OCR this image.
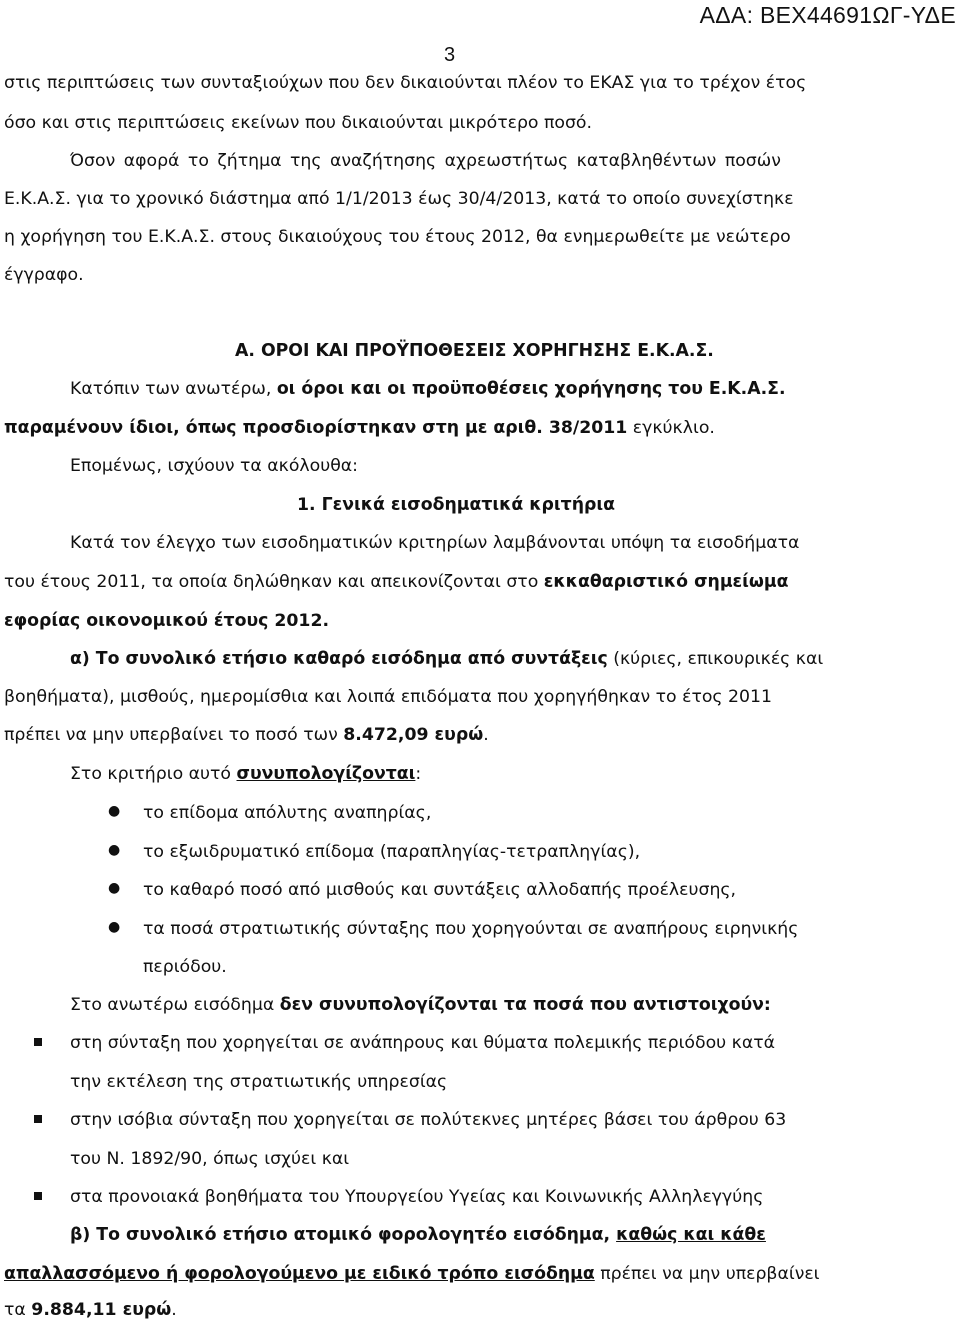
ΑΔΑ: ΒΕΧ44691ΩΓ-ΥΔΕ
3
στις περιπτώσεις των συνταξιούχων που δεν δικαιούνται πλέον το ΕΚΑΣ για το τρέχον έτος
όσο και στις περιπτώσεις εκείνων που δικαιούνται μικρότερο ποσό.
Όσον αφορά το ζήτημα της αναζήτησης αχρεωστήτως καταβληθέντων ποσών
Ε.Κ.Α.Σ. για το χρονικό διάστημα από 1/1/2013 έως 30/4/2013, κατά το οποίο συνεχίστηκε
η χορήγηση του Ε.Κ.Α.Σ. στους δικαιούχους του έτους 2012, θα ενημερωθείτε με νεώτερο
έγγραφο.
Α. ΟΡΟΙ ΚΑΙ ΠΡΟΫΠΟΘΕΣΕΙΣ ΧΟΡΗΓΗΣΗΣ Ε.Κ.Α.Σ.
Κατόπιν των ανωτέρω, οι όροι και οι προϋποθέσεις χορήγησης του Ε.Κ.Α.Σ.
παραμένουν ίδιοι, όπως προσδιορίστηκαν στη με αριθ. 38/2011 εγκύκλιο.
Επομένως, ισχύουν τα ακόλουθα:
1. Γενικά εισοδηματικά κριτήρια
Κατά τον έλεγχο των εισοδηματικών κριτηρίων λαμβάνονται υπόψη τα εισοδήματα
του έτους 2011, τα οποία δηλώθηκαν και απεικονίζονται στο εκκαθαριστικό σημείωμα
εφορίας οικονομικού έτους 2012.
α) Το συνολικό ετήσιο καθαρό εισόδημα από συντάξεις (κύριες, επικουρικές και
βοηθήματα), μισθούς, ημερομίσθια και λοιπά επιδόματα που χορηγήθηκαν το έτος 2011
πρέπει να μην υπερβαίνει το ποσό των 8.472,09 ευρώ.
Στο κριτήριο αυτό συνυπολογίζονται:
● το επίδομα απόλυτης αναπηρίας,
● το εξωιδρυματικό επίδομα (παραπληγίας-τετραπληγίας),
● το καθαρό ποσό από μισθούς και συντάξεις αλλοδαπής προέλευσης,
● τα ποσά στρατιωτικής σύνταξης που χορηγούνται σε αναπήρους ειρηνικής
περιόδου.
Στο ανωτέρω εισόδημα δεν συνυπολογίζονται τα ποσά που αντιστοιχούν:
στη σύνταξη που χορηγείται σε ανάπηρους και θύματα πολεμικής περιόδου κατά
την εκτέλεση της στρατιωτικής υπηρεσίας
στην ισόβια σύνταξη που χορηγείται σε πολύτεκνες μητέρες βάσει του άρθρου 63
του Ν. 1892/90, όπως ισχύει και
στα προνοιακά βοηθήματα του Υπουργείου Υγείας και Κοινωνικής Αλληλεγγύης
β) Το συνολικό ετήσιο ατομικό φορολογητέο εισόδημα, καθώς και κάθε
απαλλασσόμενο ή φορολογούμενο με ειδικό τρόπο εισόδημα πρέπει να μην υπερβαίνει
τα 9.884,11 ευρώ.
